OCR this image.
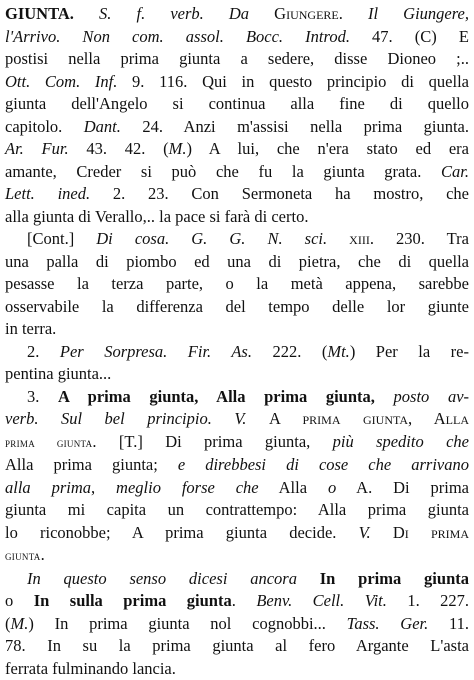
GIUNTA. S. f. verb. Da Giungere. Il Giungere,
l'Arrivo. Non com. assol. Bocc. Introd. 47. (C) E
postisi nella prima giunta a sedere, disse Dioneo ;..
Ott. Com. Inf. 9. 116. Qui in questo principio di quella
giunta dell'Angelo si continua alla fine di quello
capitolo. Dant. 24. Anzi m'assisi nella prima giunta.
Ar. Fur. 43. 42. (M.) A lui, che n'era stato ed era
amante, Creder si può che fu la giunta grata. Car.
Lett. ined. 2. 23. Con Sermoneta ha mostro, che
alla giunta di Verallo,.. la pace si farà di certo.
[Cont.] Di cosa. G. G. N. sci. xiii. 230. Tra
una palla di piombo ed una di pietra, che di quella
pesasse la terza parte, o la metà appena, sarebbe
osservabile la differenza del tempo delle lor giunte
in terra.
2. Per Sorpresa. Fir. As. 222. (Mt.) Per la re-
pentina giunta...
3. A prima giunta, Alla prima giunta, posto av-
verb. Sul bel principio. V. A prima giunta, Alla
prima giunta. [T.] Di prima giunta, più spedito che
Alla prima giunta; e direbbesi di cose che arrivano
alla prima, meglio forse che Alla o A. Di prima
giunta mi capita un contrattempo: Alla prima giunta
lo riconobbe; A prima giunta decide. V. Di prima
giunta.
In questo senso dicesi ancora In prima giunta
o In sulla prima giunta. Benv. Cell. Vit. 1. 227.
(M.) In prima giunta nol cognobbi... Tass. Ger. 11.
78. In su la prima giunta al fero Argante L'asta
ferrata fulminando lancia.
